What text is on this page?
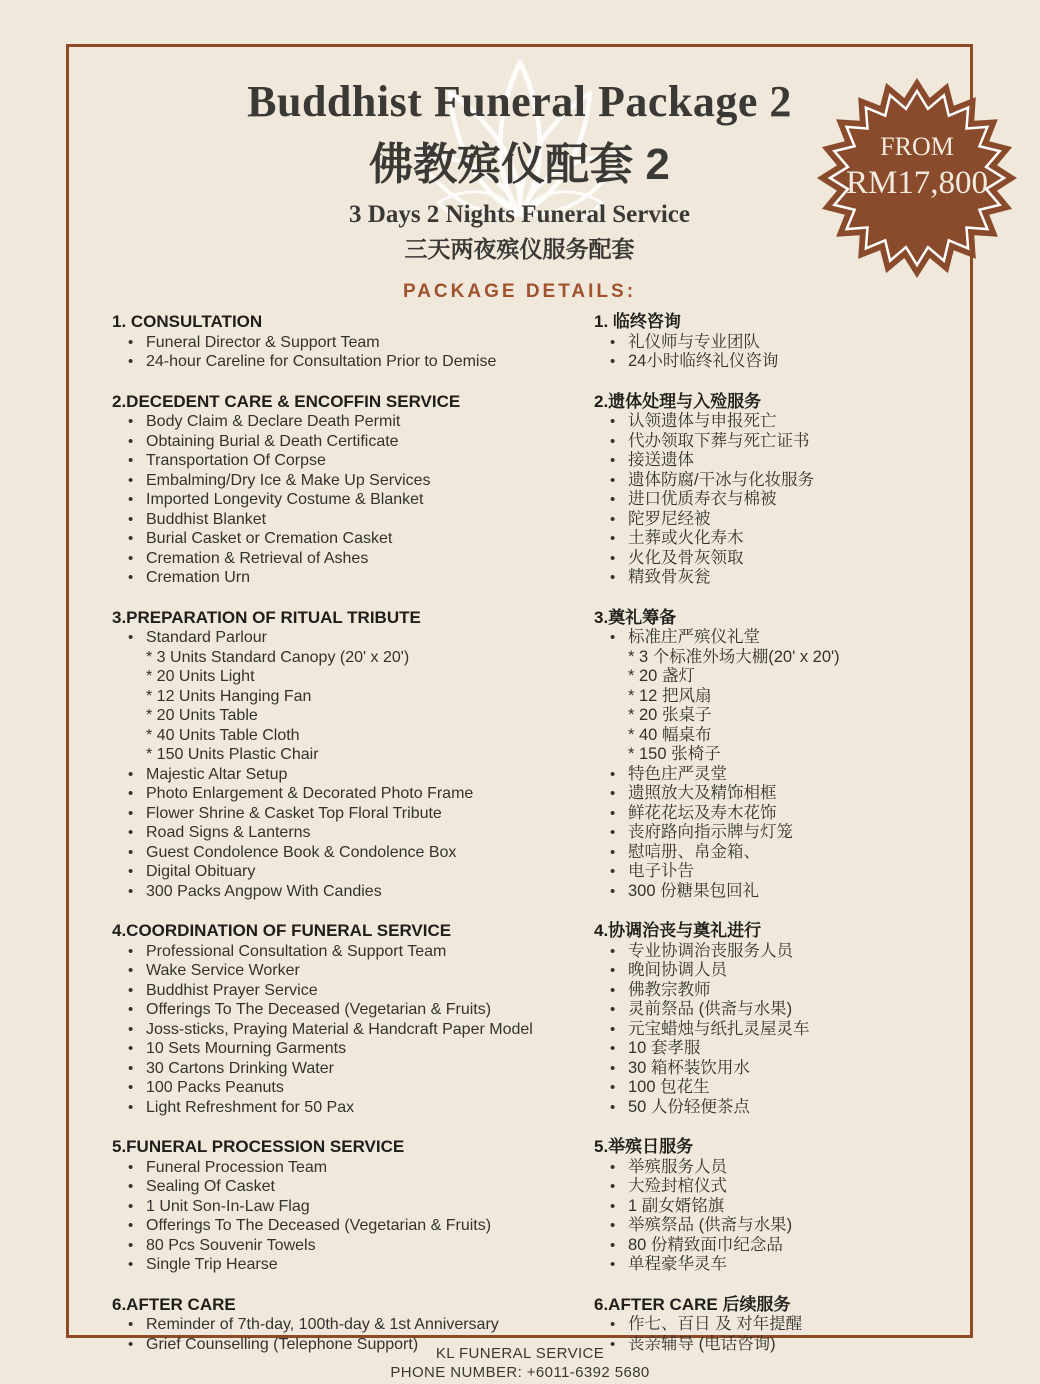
Buddhist Funeral Package 2
佛教殡仪配套 2
3 Days 2 Nights Funeral Service
三天两夜殡仪服务配套
PACKAGE DETAILS:
FROM
RM17,800
1. CONSULTATION
• Funeral Director & Support Team
• 24-hour Careline for Consultation Prior to Demise
2.DECEDENT CARE & ENCOFFIN SERVICE
• Body Claim & Declare Death Permit
• Obtaining Burial & Death Certificate
• Transportation Of Corpse
• Embalming/Dry Ice & Make Up Services
• Imported Longevity Costume & Blanket
• Buddhist Blanket
• Burial Casket or Cremation Casket
• Cremation & Retrieval of Ashes
• Cremation Urn
3.PREPARATION OF RITUAL TRIBUTE
• Standard Parlour
* 3 Units Standard Canopy (20' x 20')
* 20 Units Light
* 12 Units Hanging Fan
* 20 Units Table
* 40 Units Table Cloth
* 150 Units Plastic Chair
• Majestic Altar Setup
• Photo Enlargement & Decorated Photo Frame
• Flower Shrine & Casket Top Floral Tribute
• Road Signs & Lanterns
• Guest Condolence Book & Condolence Box
• Digital Obituary
• 300 Packs Angpow With Candies
4.COORDINATION OF FUNERAL SERVICE
• Professional Consultation & Support Team
• Wake Service Worker
• Buddhist Prayer Service
• Offerings To The Deceased (Vegetarian & Fruits)
• Joss-sticks, Praying Material & Handcraft Paper Model
• 10 Sets Mourning Garments
• 30 Cartons Drinking Water
• 100 Packs Peanuts
• Light Refreshment for 50 Pax
5.FUNERAL PROCESSION SERVICE
• Funeral Procession Team
• Sealing Of Casket
• 1 Unit Son-In-Law Flag
• Offerings To The Deceased (Vegetarian & Fruits)
• 80 Pcs Souvenir Towels
• Single Trip Hearse
6.AFTER CARE
• Reminder of 7th-day, 100th-day & 1st Anniversary
• Grief Counselling (Telephone Support)
1. 临终咨询
• 礼仪师与专业团队
• 24小时临终礼仪咨询
2.遗体处理与入殓服务
• 认领遗体与申报死亡
• 代办领取下葬与死亡证书
• 接送遗体
• 遗体防腐/干冰与化妆服务
• 进口优质寿衣与棉被
• 陀罗尼经被
• 土葬或火化寿木
• 火化及骨灰领取
• 精致骨灰瓮
3.奠礼筹备
• 标准庄严殡仪礼堂
* 3 个标准外场大棚(20' x 20')
* 20 盏灯
* 12 把风扇
* 20 张桌子
* 40 幅桌布
* 150 张椅子
• 特色庄严灵堂
• 遗照放大及精饰相框
• 鲜花花坛及寿木花饰
• 丧府路向指示牌与灯笼
• 慰唁册、帛金箱、
• 电子讣告
• 300 份糖果包回礼
4.协调治丧与奠礼进行
• 专业协调治丧服务人员
• 晚间协调人员
• 佛教宗教师
• 灵前祭品 (供斋与水果)
• 元宝蜡烛与纸扎灵屋灵车
• 10 套孝服
• 30 箱杯装饮用水
• 100 包花生
• 50 人份轻便茶点
5.举殡日服务
• 举殡服务人员
• 大殓封棺仪式
• 1 副女婿铭旗
• 举殡祭品 (供斋与水果)
• 80 份精致面巾纪念品
• 单程豪华灵车
6.AFTER CARE 后续服务
• 作七、百日 及 对年提醒
• 丧亲辅导 (电话咨询)
KL FUNERAL SERVICE
PHONE NUMBER: +6011-6392 5680
